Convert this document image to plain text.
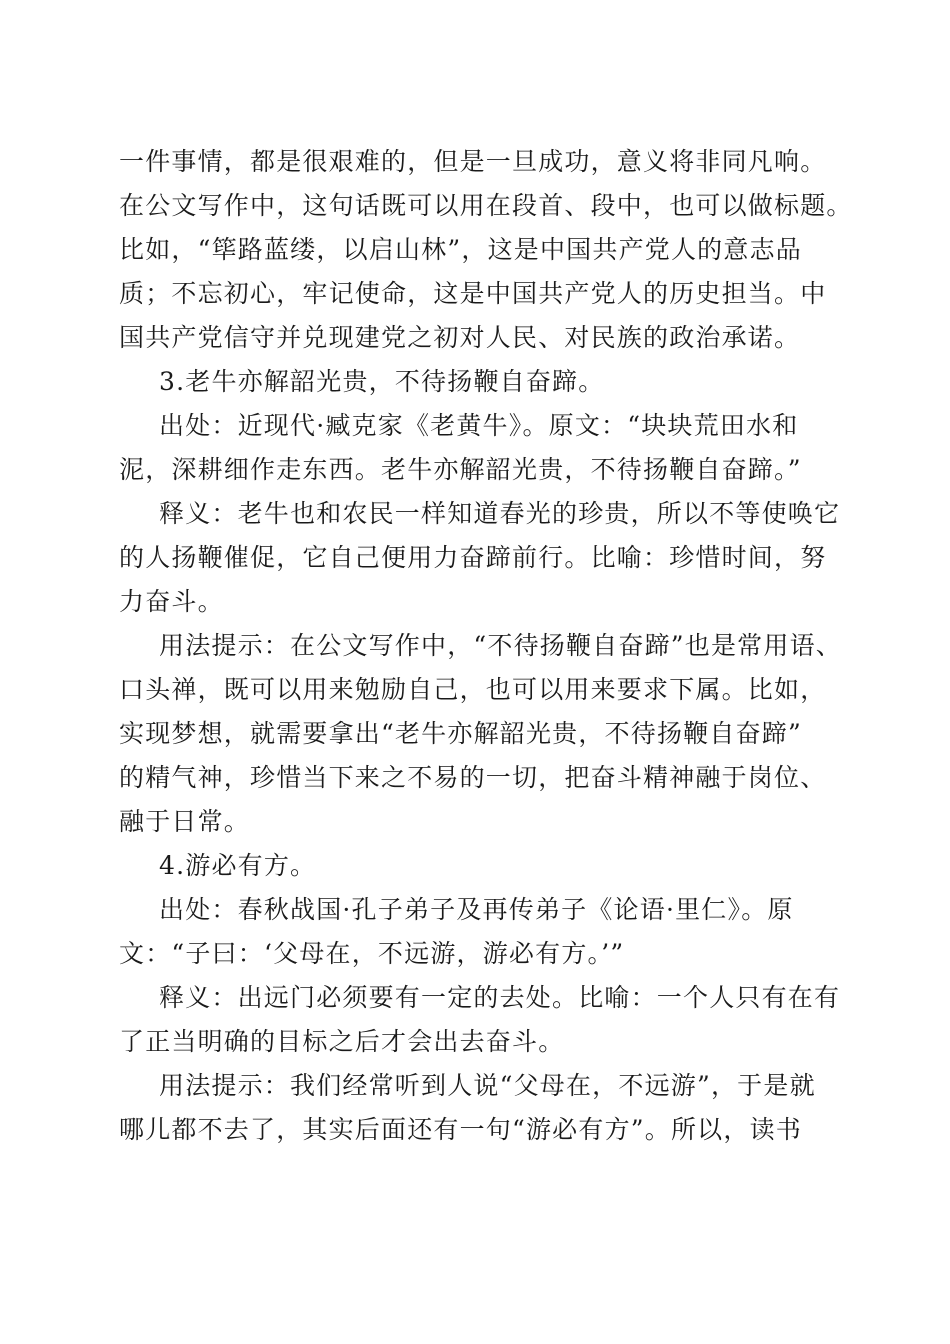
一件事情，都是很艰难的，但是一旦成功，意义将非同凡响。
在公文写作中，这句话既可以用在段首、段中，也可以做标题。
比如，“筚路蓝缕，以启山林”，这是中国共产党人的意志品
质；不忘初心，牢记使命，这是中国共产党人的历史担当。中
国共产党信守并兑现建党之初对人民、对民族的政治承诺。
3.老牛亦解韶光贵，不待扬鞭自奋蹄。
出处：近现代·臧克家《老黄牛》。原文：“块块荒田水和
泥，深耕细作走东西。老牛亦解韶光贵，不待扬鞭自奋蹄。”
释义：老牛也和农民一样知道春光的珍贵，所以不等使唤它
的人扬鞭催促，它自己便用力奋蹄前行。比喻：珍惜时间，努
力奋斗。
用法提示：在公文写作中，“不待扬鞭自奋蹄”也是常用语、
口头禅，既可以用来勉励自己，也可以用来要求下属。比如，
实现梦想，就需要拿出“老牛亦解韶光贵，不待扬鞭自奋蹄”
的精气神，珍惜当下来之不易的一切，把奋斗精神融于岗位、
融于日常。
4.游必有方。
出处：春秋战国·孔子弟子及再传弟子《论语·里仁》。原
文：“子曰：‘父母在，不远游，游必有方。’”
释义：出远门必须要有一定的去处。比喻：一个人只有在有
了正当明确的目标之后才会出去奋斗。
用法提示：我们经常听到人说“父母在，不远游”，于是就
哪儿都不去了，其实后面还有一句“游必有方”。所以，读书
